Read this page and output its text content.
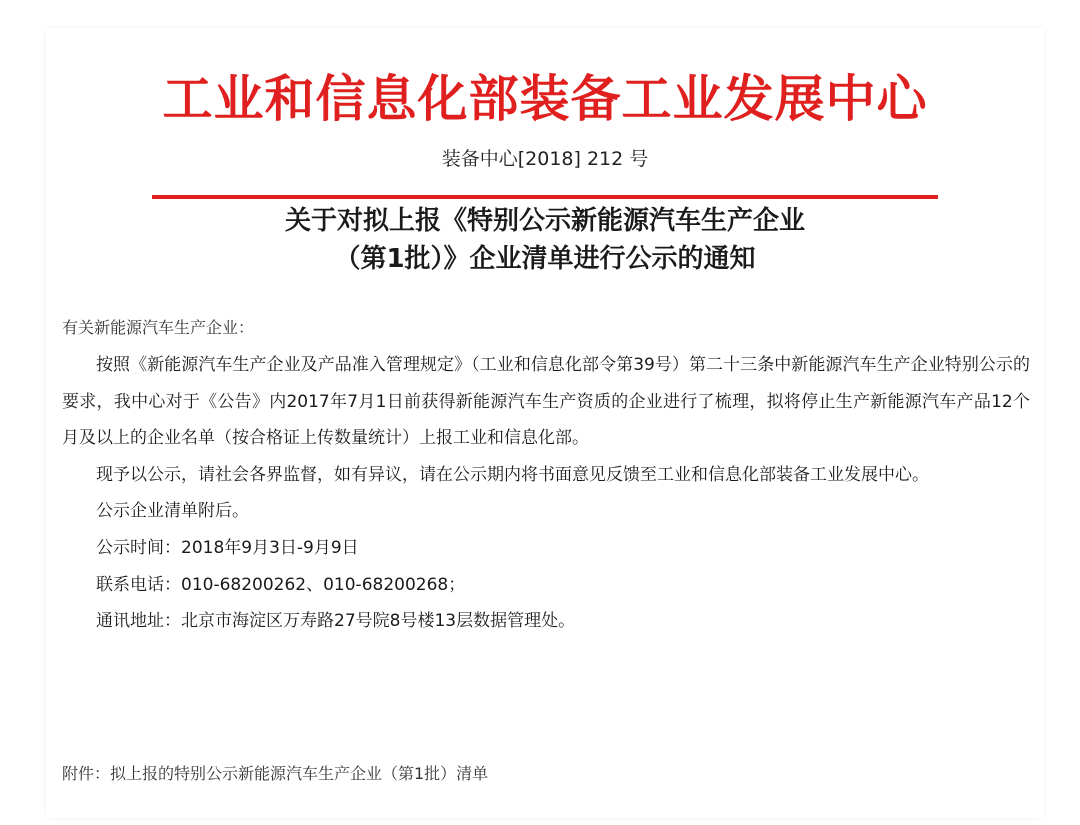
工业和信息化部装备工业发展中心
装备中心[2018] 212 号
关于对拟上报《特别公示新能源汽车生产企业
（第1批）》企业清单进行公示的通知
有关新能源汽车生产企业：

按照《新能源汽车生产企业及产品准入管理规定》（工业和信息化部令第39号）第二十三条中新能源汽车生产企业特别公示的要求，我中心对于《公告》内2017年7月1日前获得新能源汽车生产资质的企业进行了梳理，拟将停止生产新能源汽车产品12个月及以上的企业名单（按合格证上传数量统计）上报工业和信息化部。

现予以公示，请社会各界监督，如有异议，请在公示期内将书面意见反馈至工业和信息化部装备工业发展中心。

公示企业清单附后。

公示时间：2018年9月3日-9月9日

联系电话：010-68200262、010-68200268；

通讯地址：北京市海淀区万寿路27号院8号楼13层数据管理处。

附件：拟上报的特别公示新能源汽车生产企业（第1批）清单
